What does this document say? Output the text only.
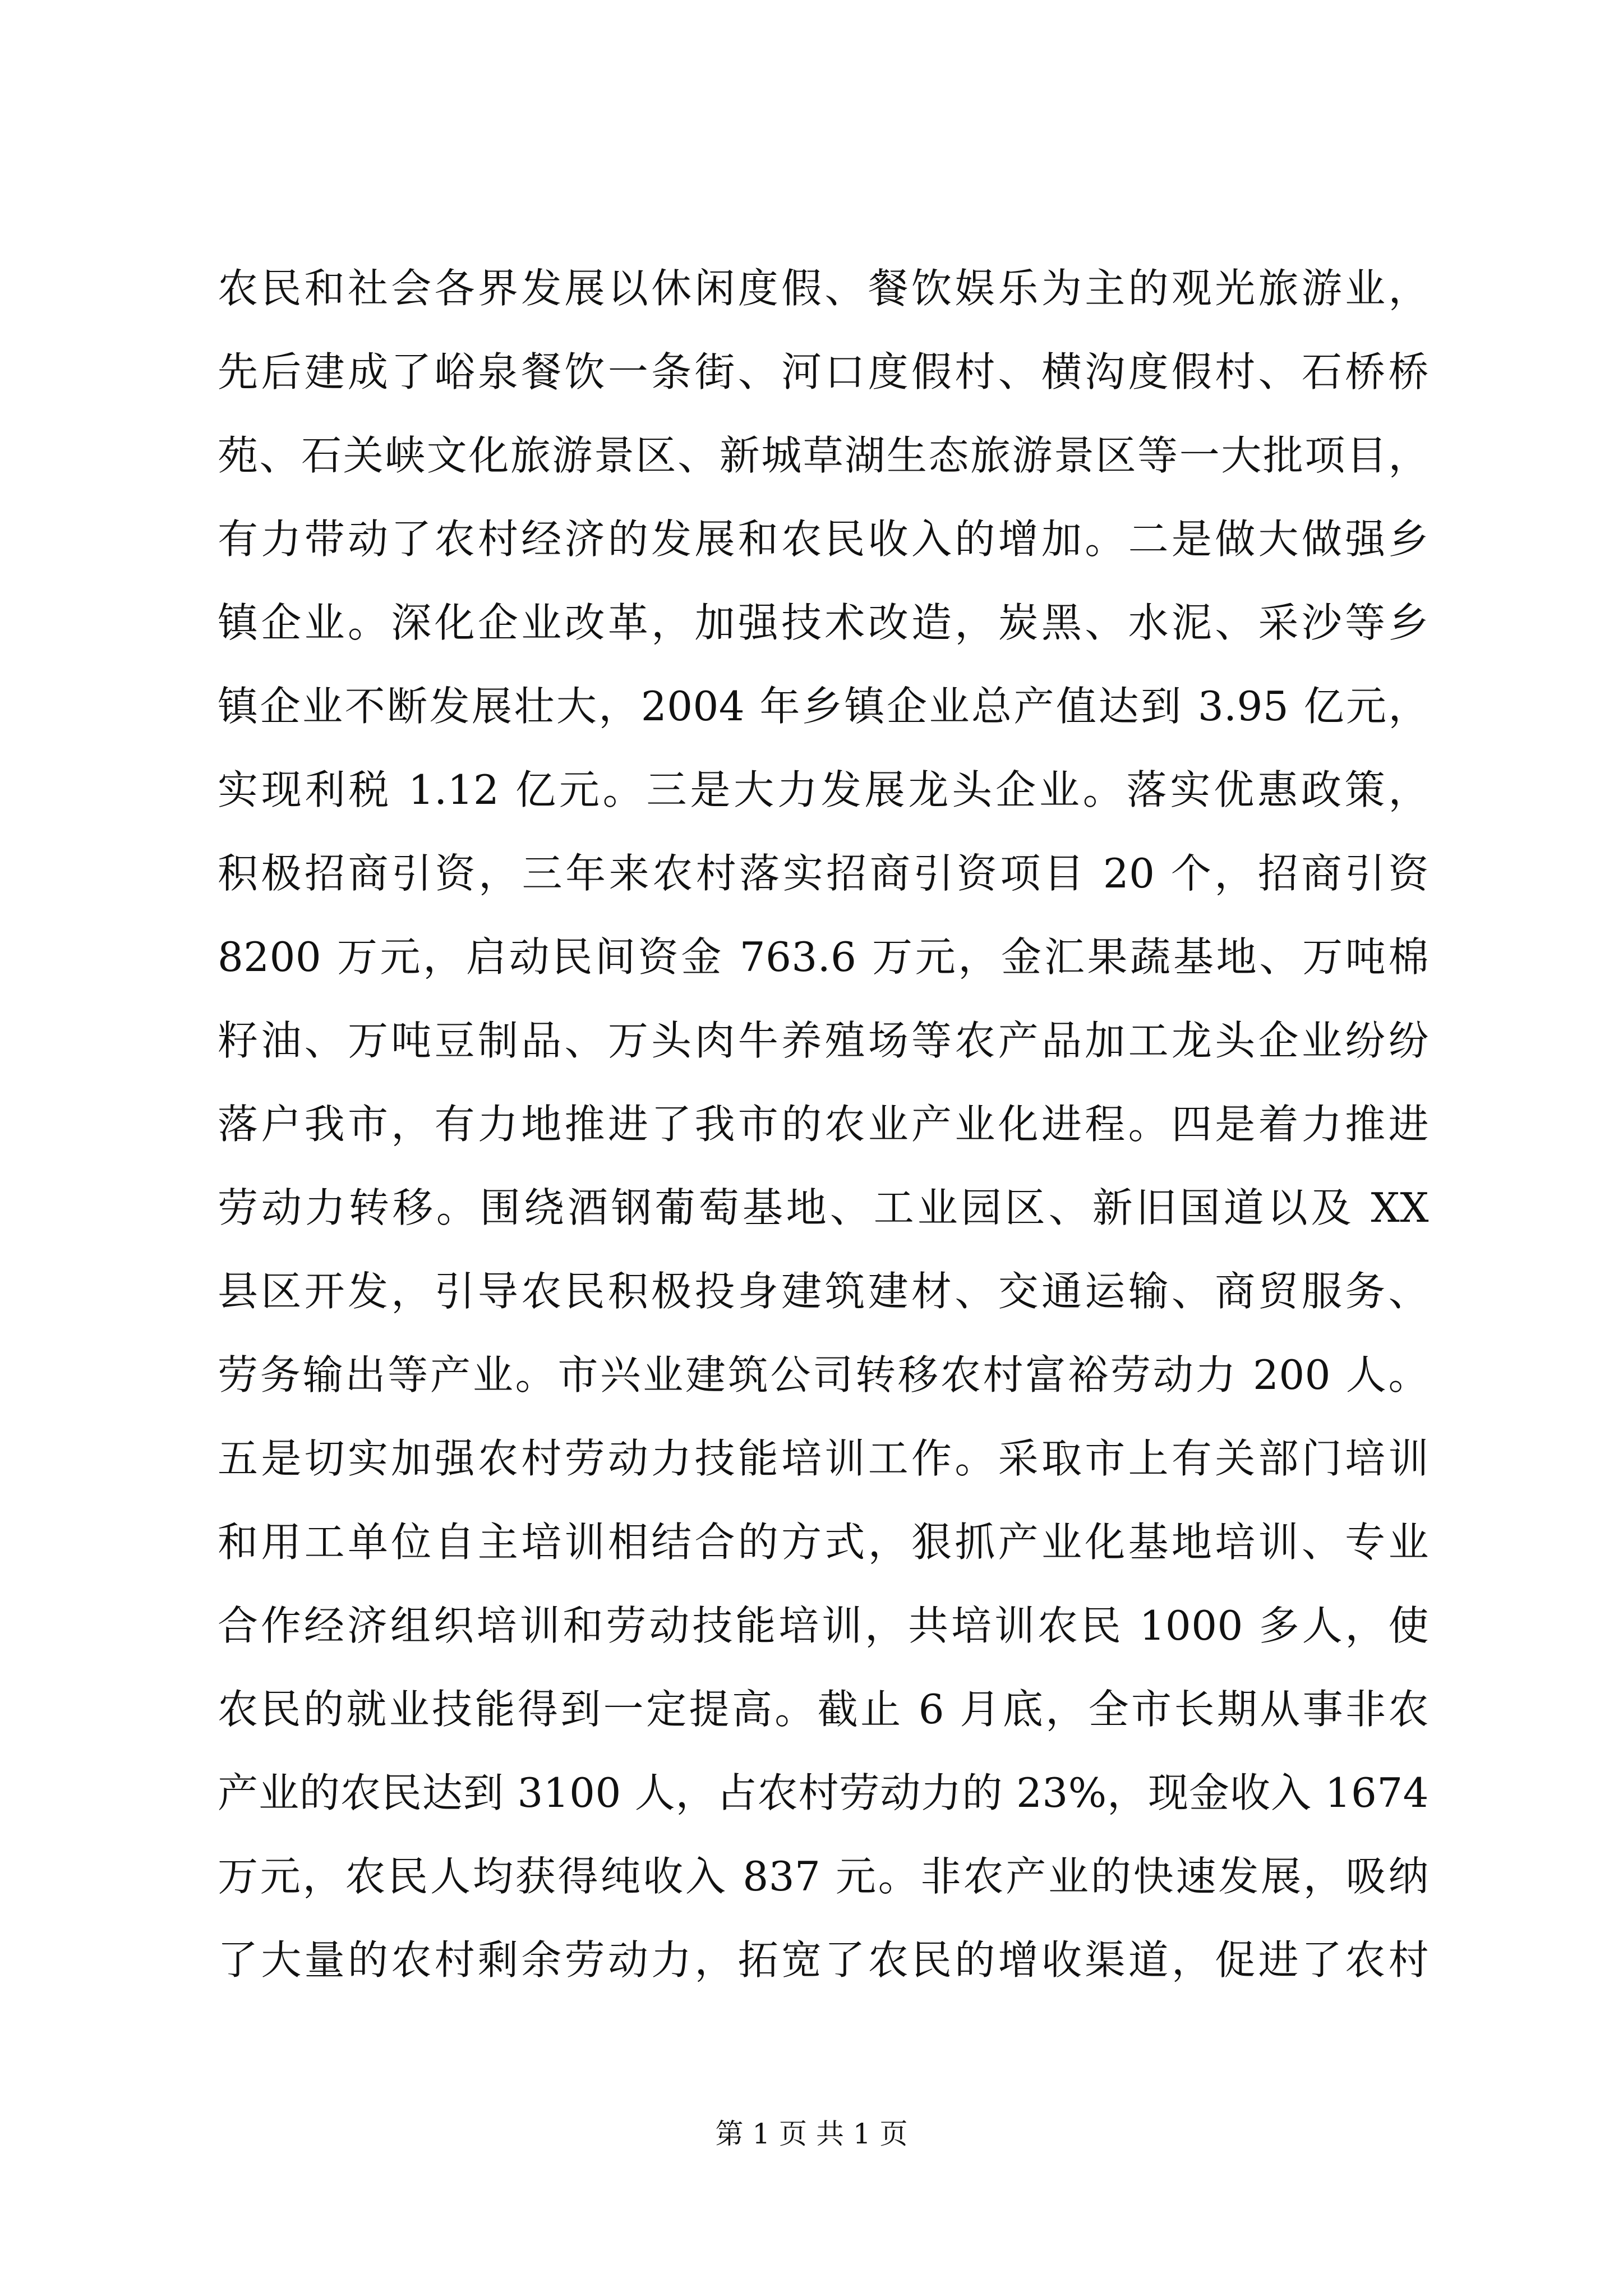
农民和社会各界发展以休闲度假、餐饮娱乐为主的观光旅游业，
先后建成了峪泉餐饮一条街、河口度假村、横沟度假村、石桥桥
苑、石关峡文化旅游景区、新城草湖生态旅游景区等一大批项目，
有力带动了农村经济的发展和农民收入的增加。二是做大做强乡
镇企业。深化企业改革，加强技术改造，炭黑、水泥、采沙等乡
镇企业不断发展壮大，2004 年乡镇企业总产值达到 3.95 亿元，
实现利税 1.12 亿元。三是大力发展龙头企业。落实优惠政策，
积极招商引资，三年来农村落实招商引资项目 20 个，招商引资
8200 万元，启动民间资金 763.6 万元，金汇果蔬基地、万吨棉
籽油、万吨豆制品、万头肉牛养殖场等农产品加工龙头企业纷纷
落户我市，有力地推进了我市的农业产业化进程。四是着力推进
劳动力转移。围绕酒钢葡萄基地、工业园区、新旧国道以及 XX
县区开发，引导农民积极投身建筑建材、交通运输、商贸服务、
劳务输出等产业。市兴业建筑公司转移农村富裕劳动力 200 人。
五是切实加强农村劳动力技能培训工作。采取市上有关部门培训
和用工单位自主培训相结合的方式，狠抓产业化基地培训、专业
合作经济组织培训和劳动技能培训，共培训农民 1000 多人，使
农民的就业技能得到一定提高。截止 6 月底，全市长期从事非农
产业的农民达到 3100 人，占农村劳动力的 23%，现金收入 1674
万元，农民人均获得纯收入 837 元。非农产业的快速发展，吸纳
了大量的农村剩余劳动力，拓宽了农民的增收渠道，促进了农村
第 1 页 共 1 页
